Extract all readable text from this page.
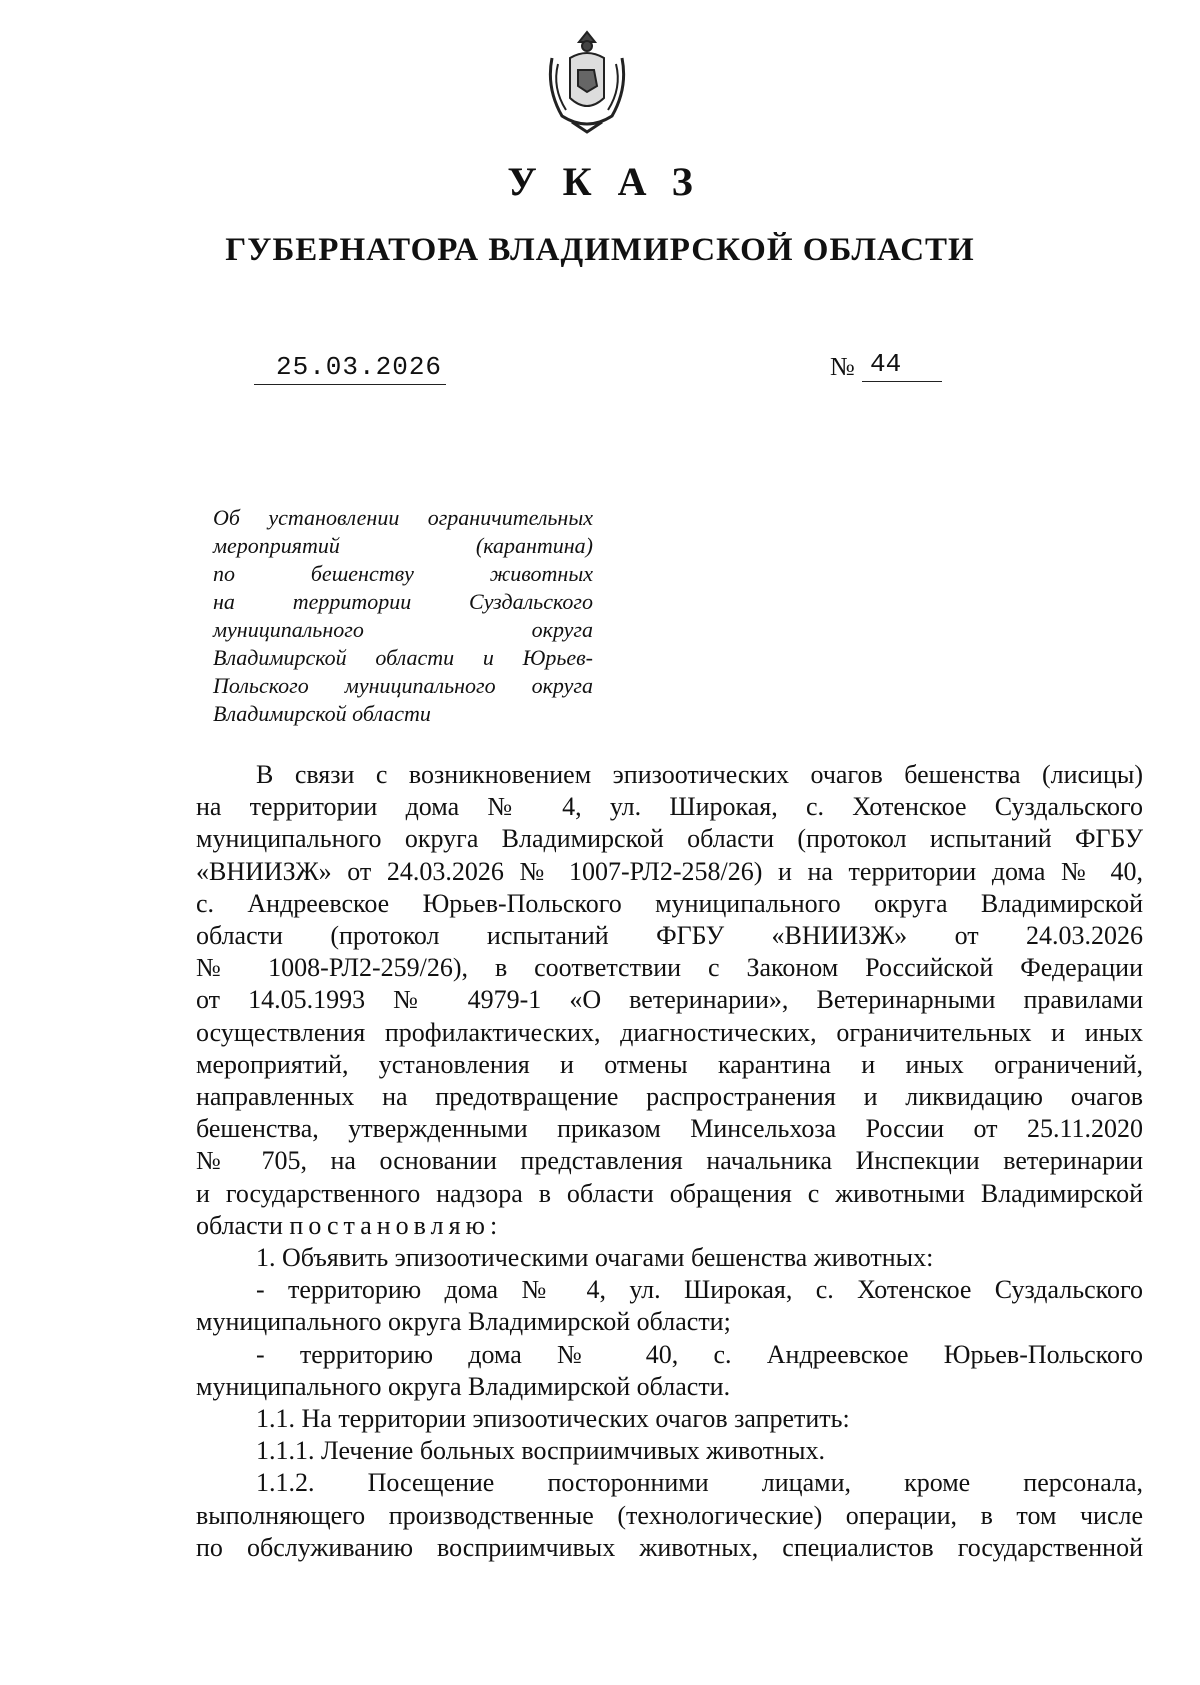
УКАЗ
ГУБЕРНАТОРА ВЛАДИМИРСКОЙ ОБЛАСТИ
25.03.2026	№ 44
Об установлении ограничительных
мероприятий (карантина)
по бешенству животных
на территории Суздальского
муниципального округа
Владимирской области и Юрьев-
Польского муниципального округа
Владимирской области
В связи с возникновением эпизоотических очагов бешенства (лисицы)
на территории дома № 4, ул. Широкая, с. Хотенское Суздальского
муниципального округа Владимирской области (протокол испытаний ФГБУ
«ВНИИЗЖ» от 24.03.2026 № 1007-РЛ2-258/26) и на территории дома № 40,
с. Андреевское Юрьев-Польского муниципального округа Владимирской
области (протокол испытаний ФГБУ «ВНИИЗЖ» от 24.03.2026
№ 1008-РЛ2-259/26), в соответствии с Законом Российской Федерации
от 14.05.1993 № 4979-1 «О ветеринарии», Ветеринарными правилами
осуществления профилактических, диагностических, ограничительных и иных
мероприятий, установления и отмены карантина и иных ограничений,
направленных на предотвращение распространения и ликвидацию очагов
бешенства, утвержденными приказом Минсельхоза России от 25.11.2020
№ 705, на основании представления начальника Инспекции ветеринарии
и государственного надзора в области обращения с животными Владимирской
области постановляю:
1. Объявить эпизоотическими очагами бешенства животных:
- территорию дома № 4, ул. Широкая, с. Хотенское Суздальского
муниципального округа Владимирской области;
- территорию дома № 40, с. Андреевское Юрьев-Польского
муниципального округа Владимирской области.
1.1. На территории эпизоотических очагов запретить:
1.1.1. Лечение больных восприимчивых животных.
1.1.2. Посещение посторонними лицами, кроме персонала,
выполняющего производственные (технологические) операции, в том числе
по обслуживанию восприимчивых животных, специалистов государственной
